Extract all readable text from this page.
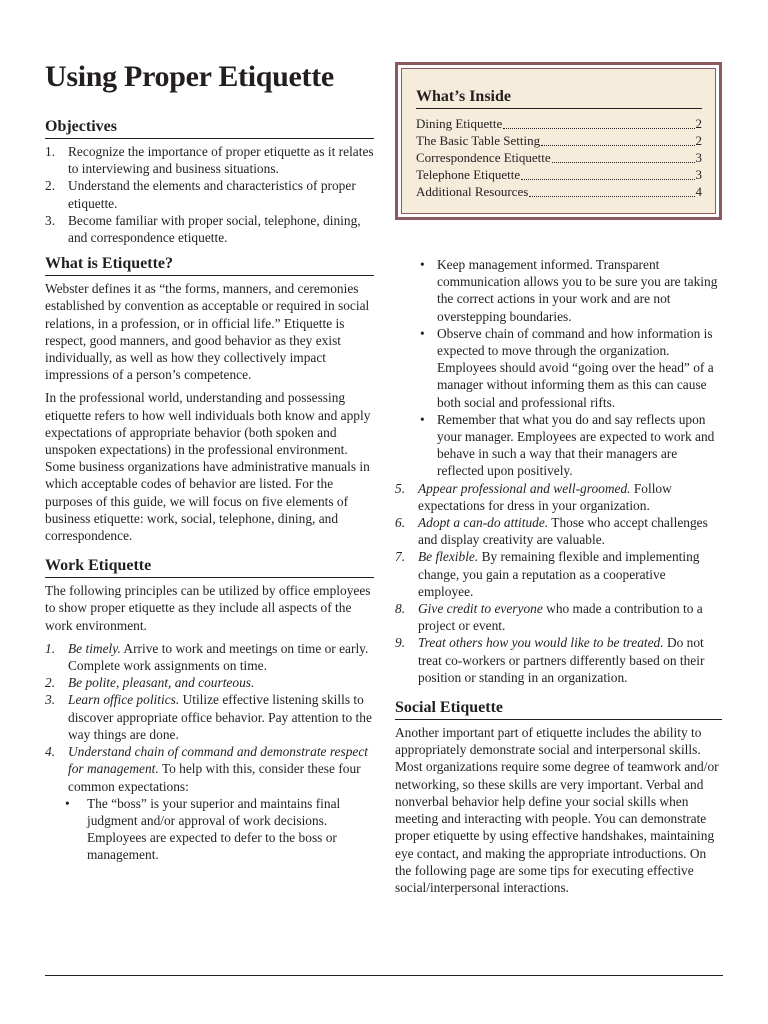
Using Proper Etiquette
Objectives
1. Recognize the importance of proper etiquette as it relates to interviewing and business situations.
2. Understand the elements and characteristics of proper etiquette.
3. Become familiar with proper social, telephone, dining, and correspondence etiquette.
What is Etiquette?

Webster defines it as “the forms, manners, and ceremonies established by convention as acceptable or required in social relations, in a profession, or in official life.” Etiquette is respect, good manners, and good behavior as they exist individually, as well as how they collectively impact impressions of a person’s competence.

In the professional world, understanding and possessing etiquette refers to how well individuals both know and apply expectations of appropriate behavior (both spoken and unspoken expectations) in the professional environment. Some business organizations have administrative manuals in which acceptable codes of behavior are listed. For the purposes of this guide, we will focus on five elements of business etiquette: work, social, telephone, dining, and correspondence.

Work Etiquette

The following principles can be utilized by office employees to show proper etiquette as they include all aspects of the work environment.

1. Be timely. Arrive to work and meetings on time or early. Complete work assignments on time.
2. Be polite, pleasant, and courteous.
3. Learn office politics. Utilize effective listening skills to discover appropriate office behavior. Pay attention to the way things are done.
4. Understand chain of command and demonstrate respect for management. To help with this, consider these four common expectations:
• The “boss” is your superior and maintains final judgment and/or approval of work decisions. Employees are expected to defer to the boss or management.
What’s Inside
Dining Etiquette	2
The Basic Table Setting	2
Correspondence Etiquette	3
Telephone Etiquette	3
Additional Resources	4
• Keep management informed. Transparent communication allows you to be sure you are taking the correct actions in your work and are not overstepping boundaries.
• Observe chain of command and how information is expected to move through the organization. Employees should avoid “going over the head” of a manager without informing them as this can cause both social and professional rifts.
• Remember that what you do and say reflects upon your manager. Employees are expected to work and behave in such a way that their managers are reflected upon positively.
5. Appear professional and well-groomed. Follow expectations for dress in your organization.
6. Adopt a can-do attitude. Those who accept challenges and display creativity are valuable.
7. Be flexible. By remaining flexible and implementing change, you gain a reputation as a cooperative employee.
8. Give credit to everyone who made a contribution to a project or event.
9. Treat others how you would like to be treated. Do not treat co-workers or partners differently based on their position or standing in an organization.
Social Etiquette

Another important part of etiquette includes the ability to appropriately demonstrate social and interpersonal skills. Most organizations require some degree of teamwork and/or networking, so these skills are very important. Verbal and nonverbal behavior help define your social skills when meeting and interacting with people. You can demonstrate proper etiquette by using effective handshakes, maintaining eye contact, and making the appropriate introductions. On the following page are some tips for executing effective social/interpersonal interactions.
